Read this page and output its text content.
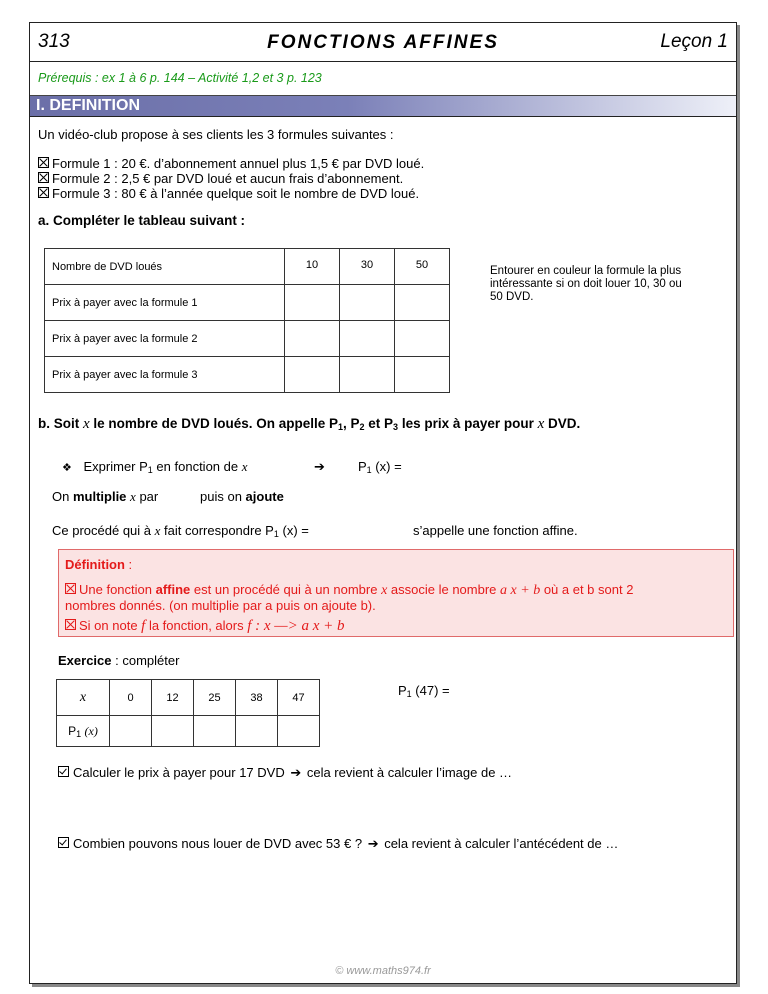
313	FONCTIONS AFFINES	Leçon 1
Prérequis : ex 1 à 6 p. 144 – Activité 1,2 et 3 p. 123
I. DEFINITION
Un vidéo-club propose à ses clients les 3 formules suivantes :
Formule 1 : 20 €. d’abonnement annuel plus 1,5 € par DVD loué.
Formule 2 : 2,5 € par DVD loué et aucun frais d’abonnement.
Formule 3 : 80 € à l’année quelque soit le nombre de DVD loué.
a. Compléter le tableau suivant :
Nombre de DVD loués	10	30	50
Prix à payer avec la formule 1			
Prix à payer avec la formule 2			
Prix à payer avec la formule 3			
Entourer en couleur la formule la plus intéressante si on doit louer 10, 30 ou 50 DVD.
b. Soit x le nombre de DVD loués. On appelle $P_1$, $P_2$ et $P_3$ les prix à payer pour x DVD.
❖ Exprimer $P_1$ en fonction de x	➔	$P_1$ (x) =
On multiplie x par	puis on ajoute
Ce procédé qui à x fait correspondre $P_1$ (x) =	s’appelle une fonction affine.
Définition :
Une fonction affine est un procédé qui à un nombre x associe le nombre a x + b où a et b sont 2
nombres donnés. (on multiplie par a puis on ajoute b).
Si on note f la fonction, alors f : x —> a x + b
Exercice : compléter
x	0	12	25	38	47
$P_1$ (x)					
$P_1$ (47) =
Calculer le prix à payer pour 17 DVD ➔ cela revient à calculer l’image de …
Combien pouvons nous louer de DVD avec 53 € ? ➔ cela revient à calculer l’antécédent de …
© www.maths974.fr
